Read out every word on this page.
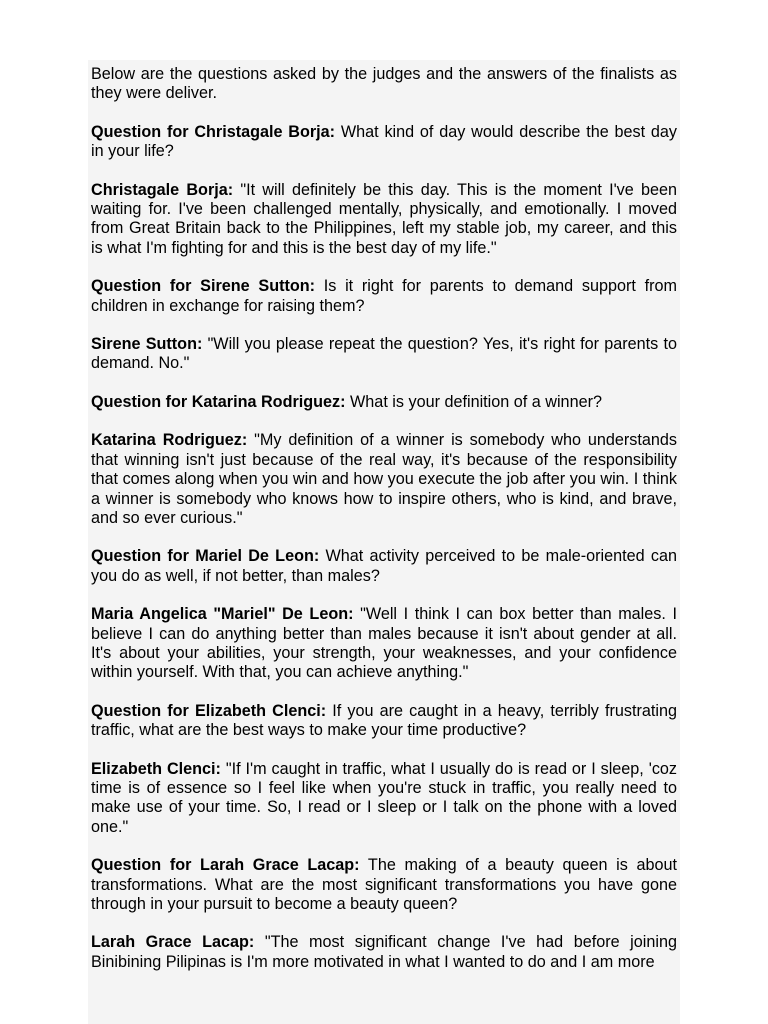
Below are the questions asked by the judges and the answers of the finalists as they were deliver.

Question for Christagale Borja: What kind of day would describe the best day in your life?

Christagale Borja: "It will definitely be this day. This is the moment I've been waiting for. I've been challenged mentally, physically, and emotionally. I moved from Great Britain back to the Philippines, left my stable job, my career, and this is what I'm fighting for and this is the best day of my life."

Question for Sirene Sutton: Is it right for parents to demand support from children in exchange for raising them?

Sirene Sutton: "Will you please repeat the question? Yes, it's right for parents to demand. No."

Question for Katarina Rodriguez: What is your definition of a winner?

Katarina Rodriguez: "My definition of a winner is somebody who understands that winning isn't just because of the real way, it's because of the responsibility that comes along when you win and how you execute the job after you win. I think a winner is somebody who knows how to inspire others, who is kind, and brave, and so ever curious."

Question for Mariel De Leon: What activity perceived to be male-oriented can you do as well, if not better, than males?

Maria Angelica "Mariel" De Leon: "Well I think I can box better than males. I believe I can do anything better than males because it isn't about gender at all. It's about your abilities, your strength, your weaknesses, and your confidence within yourself. With that, you can achieve anything."

Question for Elizabeth Clenci: If you are caught in a heavy, terribly frustrating traffic, what are the best ways to make your time productive?

Elizabeth Clenci: "If I'm caught in traffic, what I usually do is read or I sleep, 'coz time is of essence so I feel like when you're stuck in traffic, you really need to make use of your time. So, I read or I sleep or I talk on the phone with a loved one."

Question for Larah Grace Lacap: The making of a beauty queen is about transformations. What are the most significant transformations you have gone through in your pursuit to become a beauty queen?

Larah Grace Lacap: "The most significant change I've had before joining Binibining Pilipinas is I'm more motivated in what I wanted to do and I am more
